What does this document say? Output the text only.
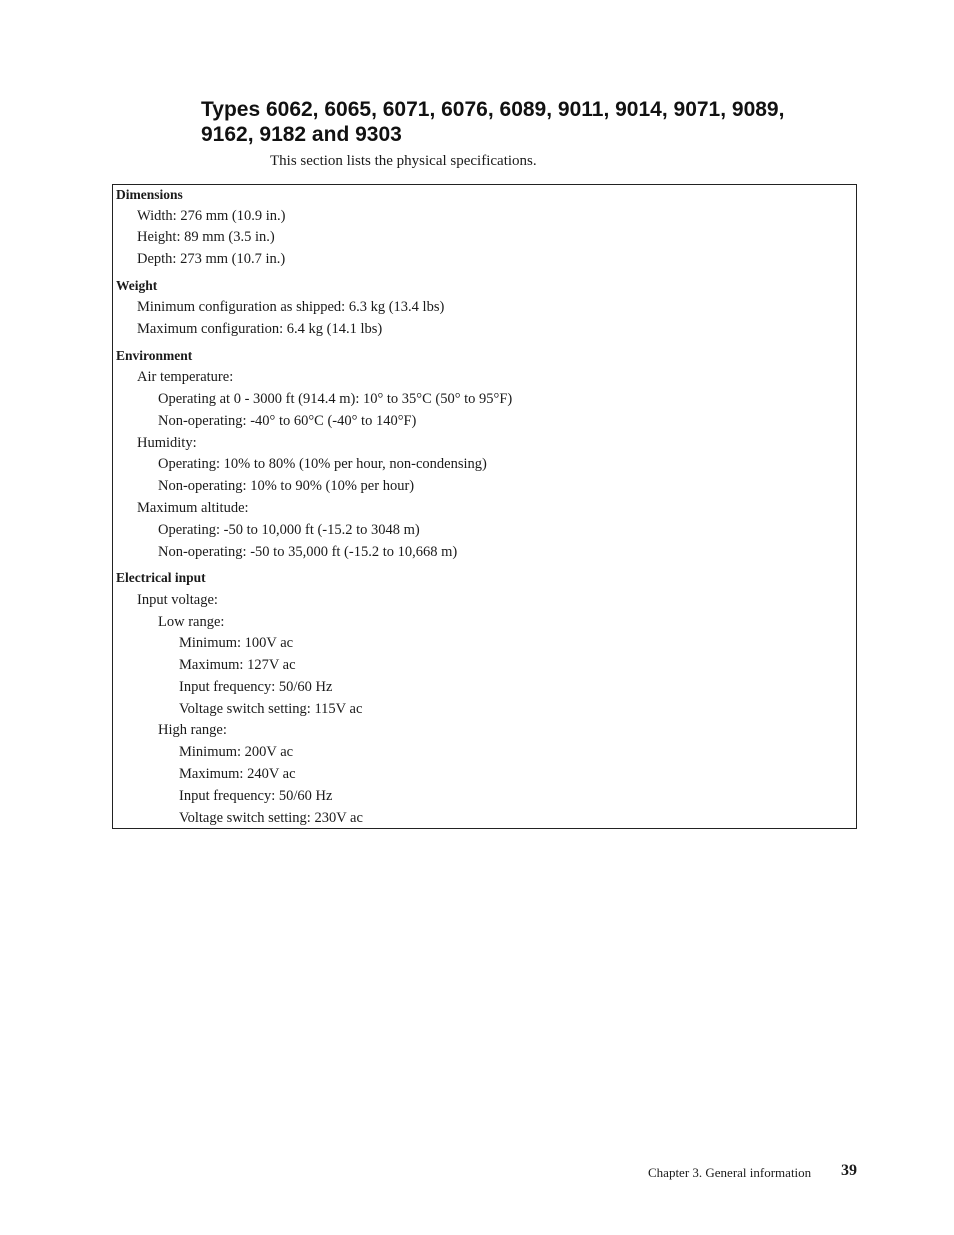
Types 6062, 6065, 6071, 6076, 6089, 9011, 9014, 9071, 9089,
9162, 9182 and 9303
This section lists the physical specifications.
Dimensions
Width: 276 mm (10.9 in.)
Height: 89 mm (3.5 in.)
Depth: 273 mm (10.7 in.)
Weight
Minimum configuration as shipped: 6.3 kg (13.4 lbs)
Maximum configuration: 6.4 kg (14.1 lbs)
Environment
Air temperature:
Operating at 0 - 3000 ft (914.4 m): 10° to 35°C (50° to 95°F)
Non-operating: -40° to 60°C (-40° to 140°F)
Humidity:
Operating: 10% to 80% (10% per hour, non-condensing)
Non-operating: 10% to 90% (10% per hour)
Maximum altitude:
Operating: -50 to 10,000 ft (-15.2 to 3048 m)
Non-operating: -50 to 35,000 ft (-15.2 to 10,668 m)
Electrical input
Input voltage:
Low range:
Minimum: 100V ac
Maximum: 127V ac
Input frequency: 50/60 Hz
Voltage switch setting: 115V ac
High range:
Minimum: 200V ac
Maximum: 240V ac
Input frequency: 50/60 Hz
Voltage switch setting: 230V ac
Chapter 3. General information 39
